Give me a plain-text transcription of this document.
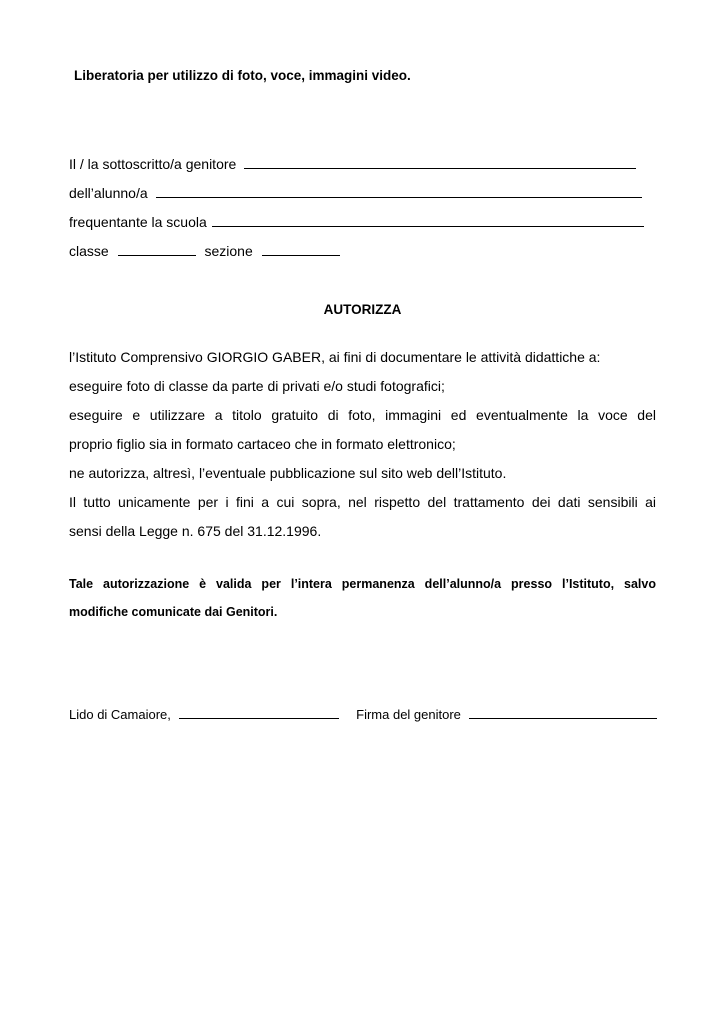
Liberatoria per utilizzo di foto, voce, immagini video.
Il / la sottoscritto/a genitore
dell’alunno/a
frequentante la scuola
classe	sezione
AUTORIZZA

l’Istituto Comprensivo GIORGIO GABER, ai fini di documentare le attività didattiche a:

eseguire foto di classe da parte di privati e/o studi fotografici;

eseguire e utilizzare a titolo gratuito di foto, immagini ed eventualmente la voce del

proprio figlio sia in formato cartaceo che in formato elettronico;

ne autorizza, altresì, l’eventuale pubblicazione sul sito web dell’Istituto.

Il tutto unicamente per i fini a cui sopra, nel rispetto del trattamento dei dati sensibili ai

sensi della Legge n. 675 del 31.12.1996.

Tale autorizzazione è valida per l’intera permanenza dell’alunno/a presso l’Istituto, salvo

modifiche comunicate dai Genitori.

Lido di Camaiore,	Firma del genitore
